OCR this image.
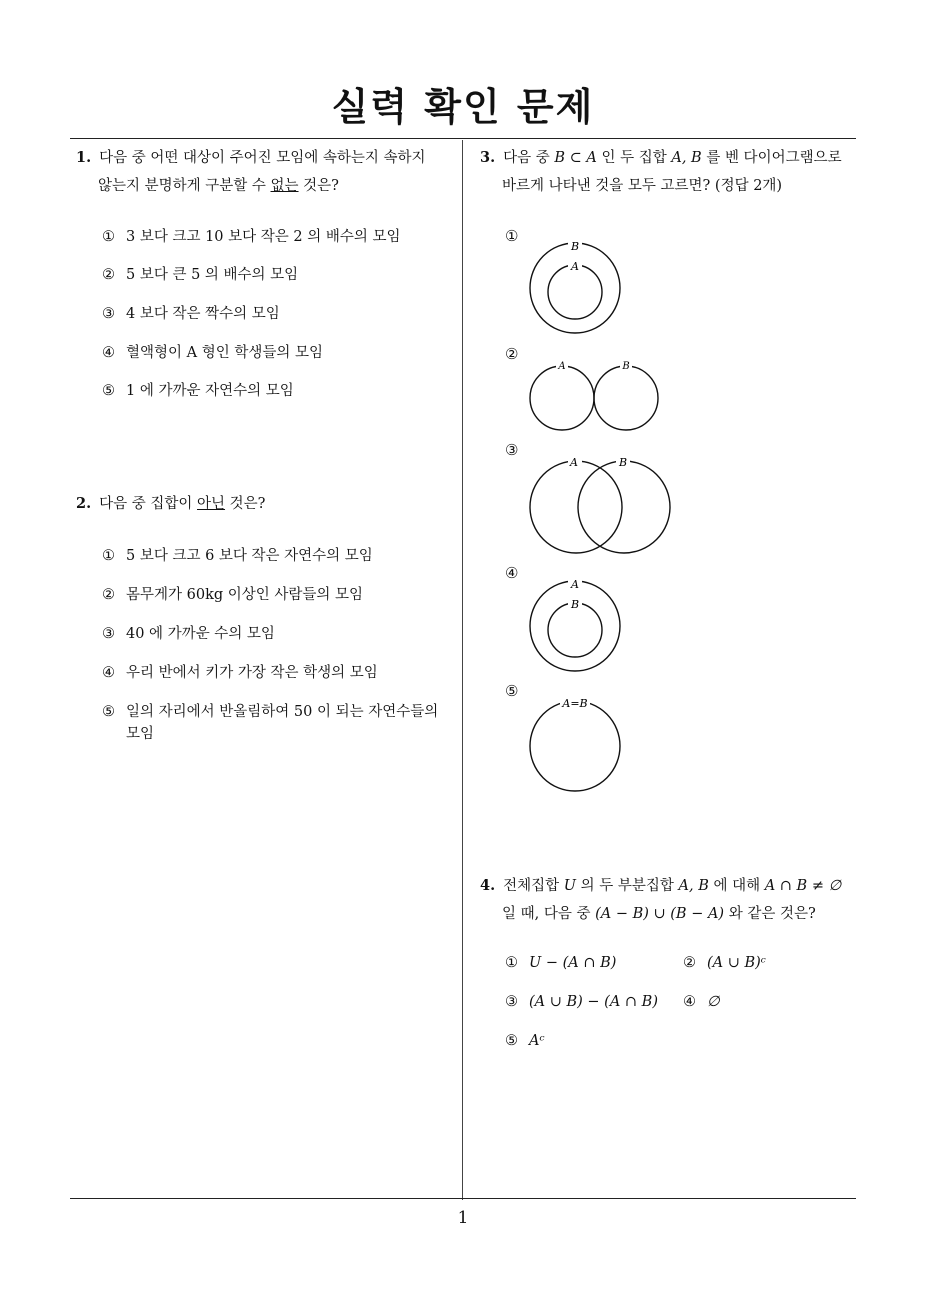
실력 확인 문제
1. 다음 중 어떤 대상이 주어진 모임에 속하는지 속하지
않는지 분명하게 구분할 수 없는 것은?
① 3 보다 크고 10 보다 작은 2 의 배수의 모임
② 5 보다 큰 5 의 배수의 모임
③ 4 보다 작은 짝수의 모임
④ 혈액형이 A 형인 학생들의 모임
⑤ 1 에 가까운 자연수의 모임
2. 다음 중 집합이 아닌 것은?
① 5 보다 크고 6 보다 작은 자연수의 모임
② 몸무게가 60kg 이상인 사람들의 모임
③ 40 에 가까운 수의 모임
④ 우리 반에서 키가 가장 작은 학생의 모임
⑤ 일의 자리에서 반올림하여 50 이 되는 자연수들의
모임
3. 다음 중 B ⊂ A 인 두 집합 A, B 를 벤 다이어그램으로
바르게 나타낸 것을 모두 고르면? (정답 2개)
①
B
A
②
A	B
③
A	B
④
A
B
⑤
A=B
4. 전체집합 U 의 두 부분집합 A, B 에 대해 A ∩ B ≠ ∅
일 때, 다음 중 (A − B) ∪ (B − A) 와 같은 것은?
① U − (A ∩ B)	② (A ∪ B)ᶜ
③ (A ∪ B) − (A ∩ B) ④ ∅
⑤ Aᶜ
1
